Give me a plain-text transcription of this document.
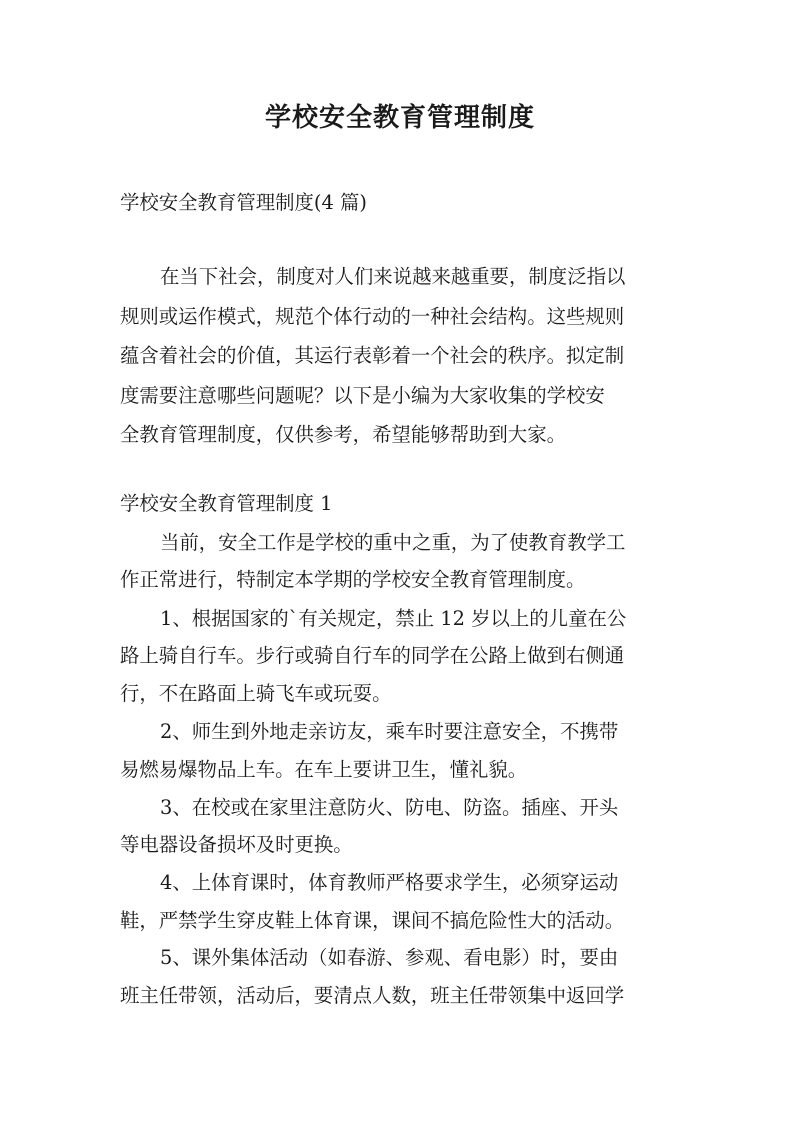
学校安全教育管理制度

学校安全教育管理制度(4 篇)

在当下社会，制度对人们来说越来越重要，制度泛指以

规则或运作模式，规范个体行动的一种社会结构。这些规则

蕴含着社会的价值，其运行表彰着一个社会的秩序。拟定制

度需要注意哪些问题呢？以下是小编为大家收集的学校安

全教育管理制度，仅供参考，希望能够帮助到大家。

学校安全教育管理制度 1

当前，安全工作是学校的重中之重，为了使教育教学工

作正常进行，特制定本学期的学校安全教育管理制度。

1、根据国家的`有关规定，禁止 12 岁以上的儿童在公

路上骑自行车。步行或骑自行车的同学在公路上做到右侧通

行，不在路面上骑飞车或玩耍。

2、师生到外地走亲访友，乘车时要注意安全，不携带

易燃易爆物品上车。在车上要讲卫生，懂礼貌。

3、在校或在家里注意防火、防电、防盗。插座、开头

等电器设备损坏及时更换。

4、上体育课时，体育教师严格要求学生，必须穿运动

鞋，严禁学生穿皮鞋上体育课，课间不搞危险性大的活动。

5、课外集体活动（如春游、参观、看电影）时，要由

班主任带领，活动后，要清点人数，班主任带领集中返回学
